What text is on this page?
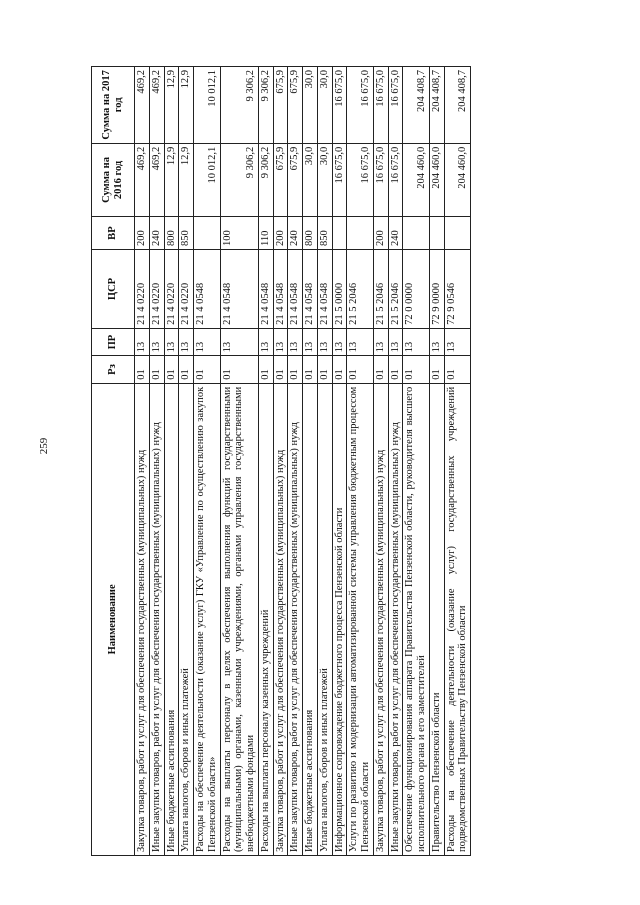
259
Наименование	Рз	ПР	ЦСР	ВР	Сумма на 2016 год	Сумма на 2017 год
Закупка товаров, работ и услуг для обеспечения государственных (муниципальных) нужд	01	13	21 4 0220	200	469,2	469,2
Иные закупки товаров, работ и услуг для обеспечения государственных (муниципальных) нужд	01	13	21 4 0220	240	469,2	469,2
Иные бюджетные ассигнования	01	13	21 4 0220	800	12,9	12,9
Уплата налогов, сборов и иных платежей	01	13	21 4 0220	850	12,9	12,9
Расходы на обеспечение деятельности (оказание услуг) ГКУ «Управление по осуществлению закупок Пензенской области»	01	13	21 4 0548		10 012,1	10 012,1
Расходы на выплаты персоналу в целях обеспечения выполнения функций государственными (муниципальными) органами, казенными учреждениями, органами управления государственными внебюджетными фондами	01	13	21 4 0548	100	9 306,2	9 306,2
Расходы на выплаты персоналу казенных учреждений	01	13	21 4 0548	110	9 306,2	9 306,2
Закупка товаров, работ и услуг для обеспечения государственных (муниципальных) нужд	01	13	21 4 0548	200	675,9	675,9
Иные закупки товаров, работ и услуг для обеспечения государственных (муниципальных) нужд	01	13	21 4 0548	240	675,9	675,9
Иные бюджетные ассигнования	01	13	21 4 0548	800	30,0	30,0
Уплата налогов, сборов и иных платежей	01	13	21 4 0548	850	30,0	30,0
Информационное сопровождение бюджетного процесса Пензенской области	01	13	21 5 0000		16 675,0	16 675,0
Услуги по развитию и модернизации автоматизированной системы управления бюджетным процессом Пензенской области	01	13	21 5 2046		16 675,0	16 675,0
Закупка товаров, работ и услуг для обеспечения государственных (муниципальных) нужд	01	13	21 5 2046	200	16 675,0	16 675,0
Иные закупки товаров, работ и услуг для обеспечения государственных (муниципальных) нужд	01	13	21 5 2046	240	16 675,0	16 675,0
Обеспечение функционирования аппарата Правительства Пензенской области, руководителя высшего исполнительного органа и его заместителей	01	13	72 0 0000		204 460,0	204 408,7
Правительство Пензенской области	01	13	72 9 0000		204 460,0	204 408,7
Расходы на обеспечение деятельности (оказание услуг) государственных учреждений подведомственных Правительству Пензенской области	01	13	72 9 0546		204 460,0	204 408,7
